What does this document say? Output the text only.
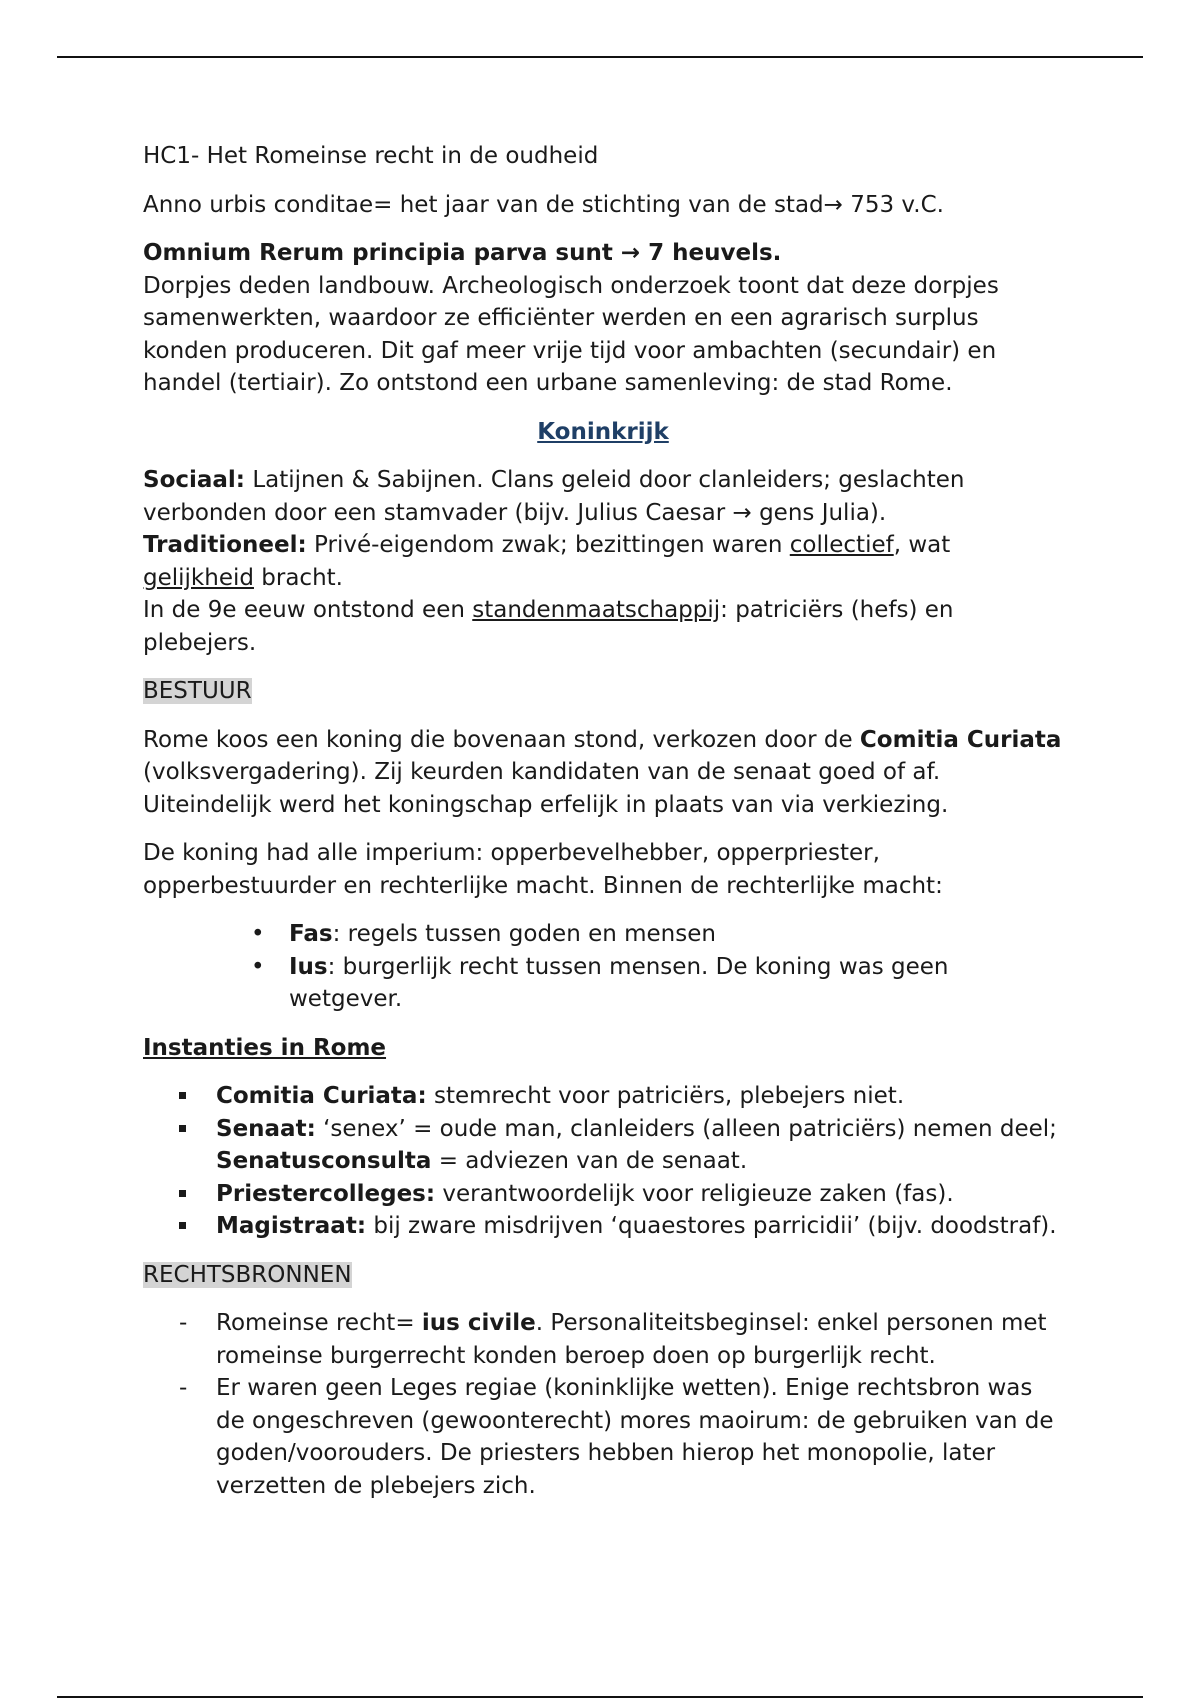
HC1- Het Romeinse recht in de oudheid

Anno urbis conditae= het jaar van de stichting van de stad→ 753 v.C.

Omnium Rerum principia parva sunt → 7 heuvels.

Dorpjes deden landbouw. Archeologisch onderzoek toont dat deze dorpjes samenwerkten, waardoor ze efficiënter werden en een agrarisch surplus konden produceren. Dit gaf meer vrije tijd voor ambachten (secundair) en handel (tertiair). Zo ontstond een urbane samenleving: de stad Rome.

Koninkrijk

Sociaal: Latijnen & Sabijnen. Clans geleid door clanleiders; geslachten verbonden door een stamvader (bijv. Julius Caesar → gens Julia).

Traditioneel: Privé-eigendom zwak; bezittingen waren collectief, wat gelijkheid bracht.

In de 9e eeuw ontstond een standenmaatschappij: patriciërs (hefs) en plebejers.

BESTUUR

Rome koos een koning die bovenaan stond, verkozen door de Comitia Curiata (volksvergadering). Zij keurden kandidaten van de senaat goed of af. Uiteindelijk werd het koningschap erfelijk in plaats van via verkiezing.

De koning had alle imperium: opperbevelhebber, opperpriester, opperbestuurder en rechterlijke macht. Binnen de rechterlijke macht:

• Fas: regels tussen goden en mensen
• Ius: burgerlijk recht tussen mensen. De koning was geen wetgever.

Instanties in Rome

Comitia Curiata: stemrecht voor patriciërs, plebejers niet.
Senaat: ‘senex’ = oude man, clanleiders (alleen patriciërs) nemen deel; Senatusconsulta = adviezen van de senaat.
Priestercolleges: verantwoordelijk voor religieuze zaken (fas).
Magistraat: bij zware misdrijven ‘quaestores parricidii’ (bijv. doodstraf).

RECHTSBRONNEN

- Romeinse recht= ius civile. Personaliteitsbeginsel: enkel personen met romeinse burgerrecht konden beroep doen op burgerlijk recht.
- Er waren geen Leges regiae (koninklijke wetten). Enige rechtsbron was de ongeschreven (gewoonterecht) mores maoirum: de gebruiken van de goden/voorouders. De priesters hebben hierop het monopolie, later verzetten de plebejers zich.
